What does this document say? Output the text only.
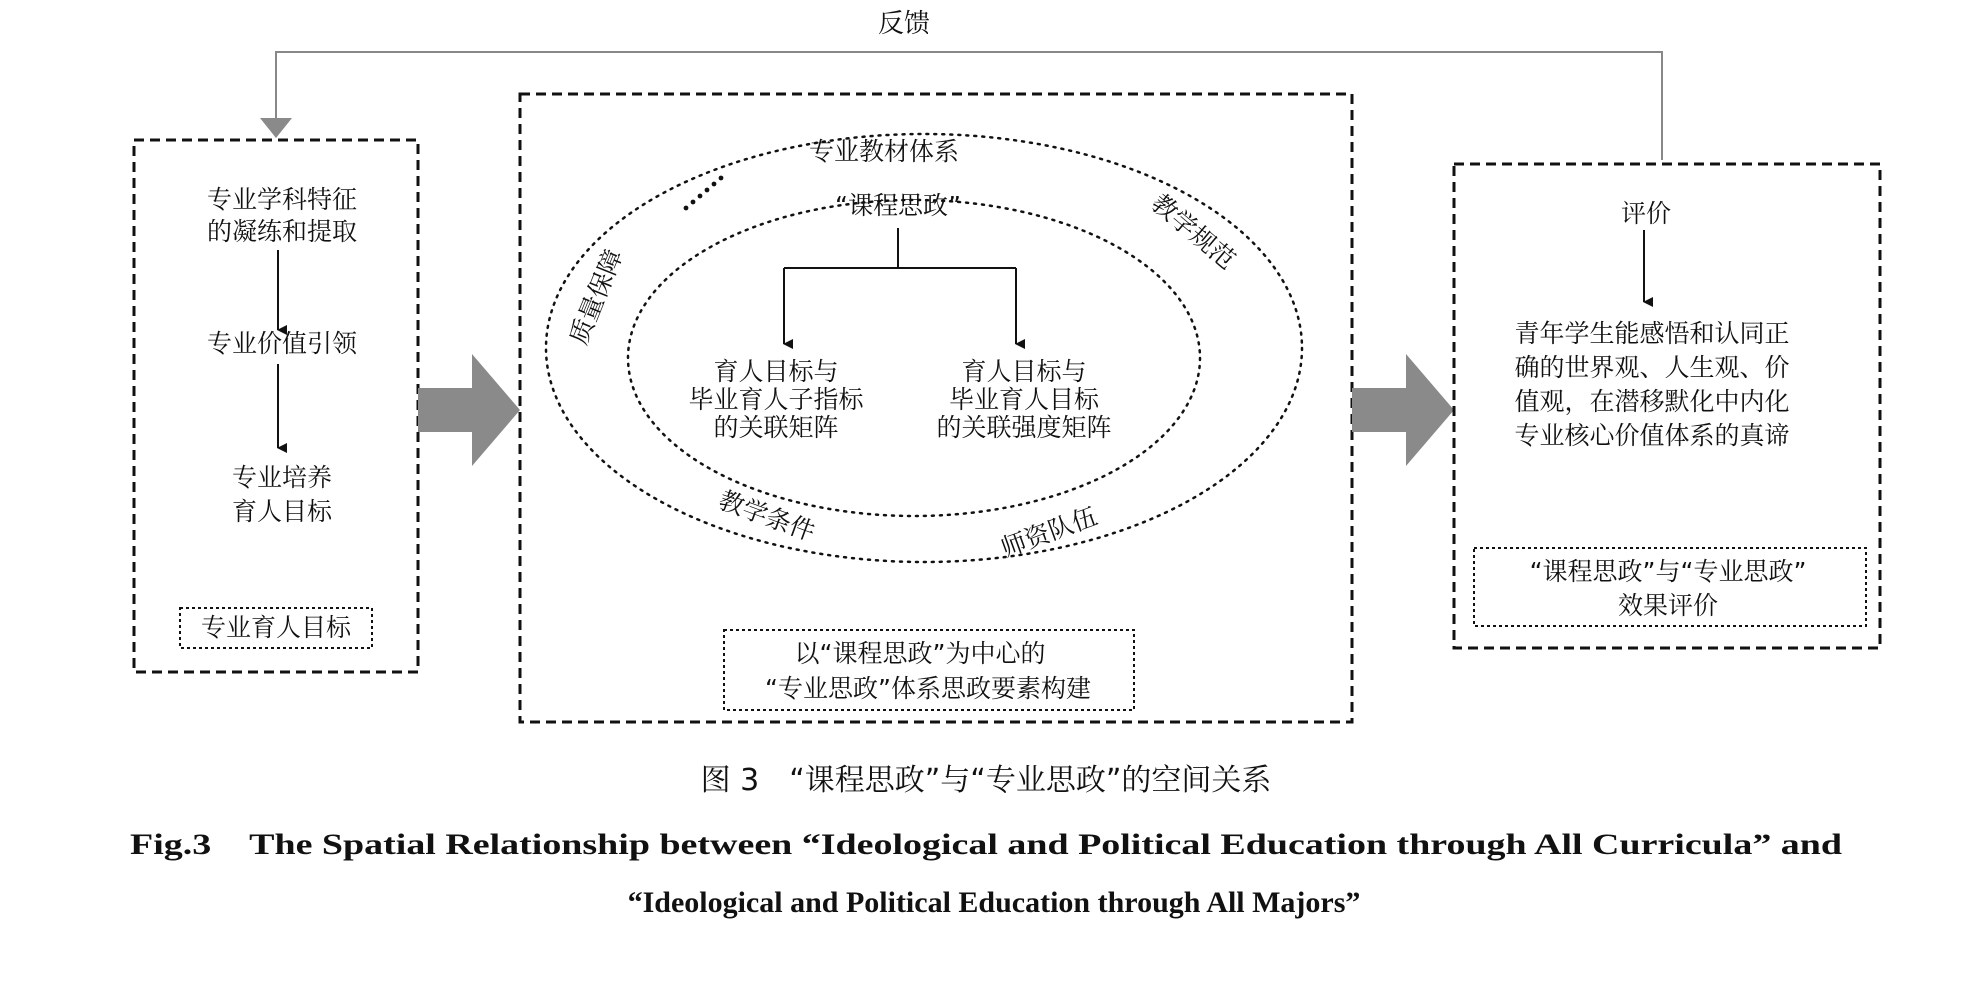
反馈
专业学科特征
的凝练和提取
专业价值引领
专业培养
育人目标
专业育人目标
专业教材体系
质量保障
教学规范
教学条件	师资队伍
“课程思政”
育人目标与
毕业育人子指标
的关联矩阵
育人目标与
毕业育人目标
的关联强度矩阵
以“课程思政”为中心的
“专业思政”体系思政要素构建
评价
青年学生能感悟和认同正
确的世界观、人生观、价
值观，在潜移默化中内化
专业核心价值体系的真谛
“课程思政”与“专业思政”
效果评价
图 3　“课程思政”与“专业思政”的空间关系
Fig.3　The Spatial Relationship between “Ideological and Political Education through All Curricula” and
“Ideological and Political Education through All Majors”
